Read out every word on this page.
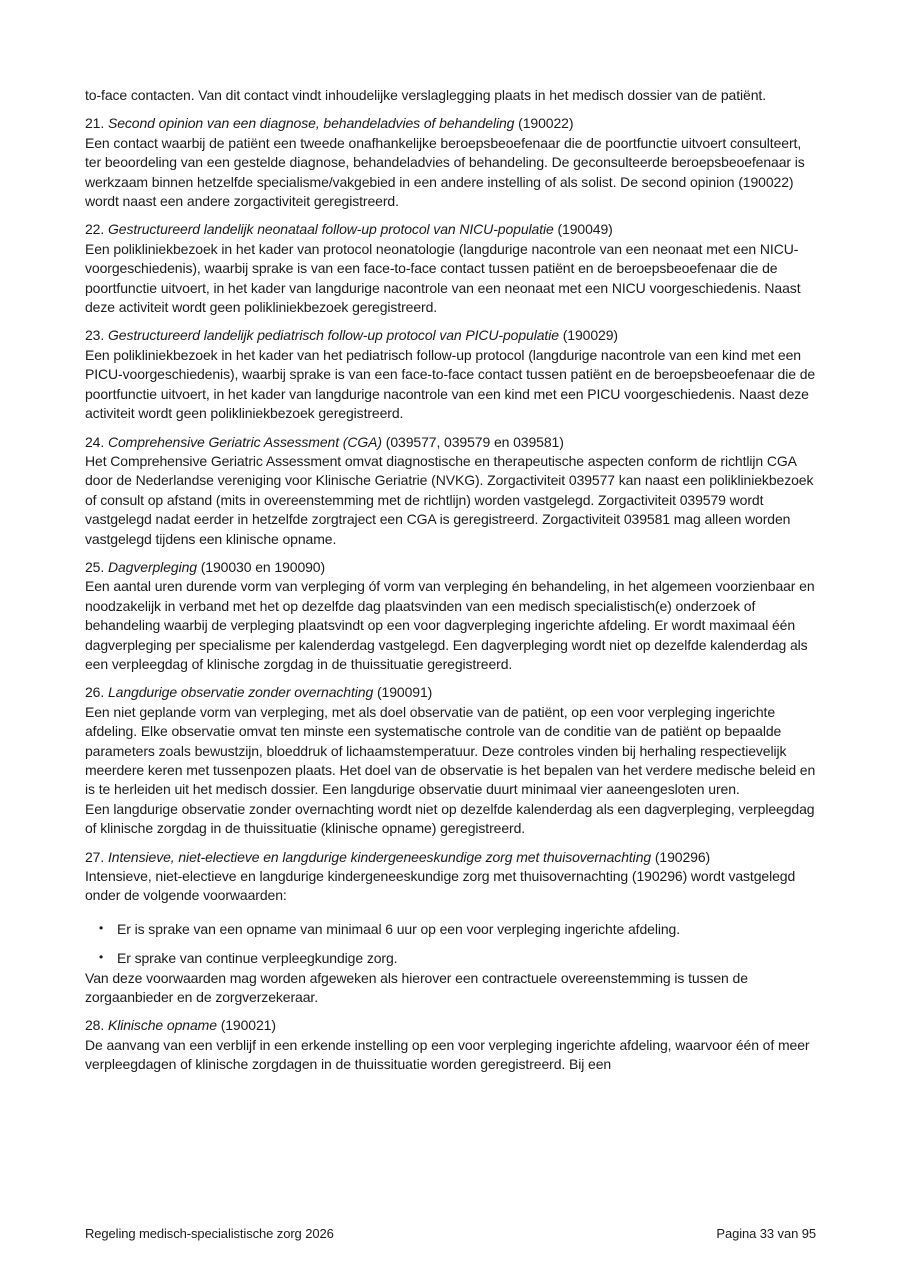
to-face contacten. Van dit contact vindt inhoudelijke verslaglegging plaats in het medisch dossier van de patiënt.

21. Second opinion van een diagnose, behandeladvies of behandeling (190022)

Een contact waarbij de patiënt een tweede onafhankelijke beroepsbeoefenaar die de poortfunctie uitvoert consulteert, ter beoordeling van een gestelde diagnose, behandeladvies of behandeling. De geconsulteerde beroepsbeoefenaar is werkzaam binnen hetzelfde specialisme/vakgebied in een andere instelling of als solist. De second opinion (190022) wordt naast een andere zorgactiviteit geregistreerd.

22. Gestructureerd landelijk neonataal follow-up protocol van NICU-populatie (190049)

Een polikliniekbezoek in het kader van protocol neonatologie (langdurige nacontrole van een neonaat met een NICU-voorgeschiedenis), waarbij sprake is van een face-to-face contact tussen patiënt en de beroepsbeoefenaar die de poortfunctie uitvoert, in het kader van langdurige nacontrole van een neonaat met een NICU voorgeschiedenis. Naast deze activiteit wordt geen polikliniekbezoek geregistreerd.

23. Gestructureerd landelijk pediatrisch follow-up protocol van PICU-populatie (190029)

Een polikliniekbezoek in het kader van het pediatrisch follow-up protocol (langdurige nacontrole van een kind met een PICU-voorgeschiedenis), waarbij sprake is van een face-to-face contact tussen patiënt en de beroepsbeoefenaar die de poortfunctie uitvoert, in het kader van langdurige nacontrole van een kind met een PICU voorgeschiedenis. Naast deze activiteit wordt geen polikliniekbezoek geregistreerd.

24. Comprehensive Geriatric Assessment (CGA) (039577, 039579 en 039581)

Het Comprehensive Geriatric Assessment omvat diagnostische en therapeutische aspecten conform de richtlijn CGA door de Nederlandse vereniging voor Klinische Geriatrie (NVKG). Zorgactiviteit 039577 kan naast een polikliniekbezoek of consult op afstand (mits in overeenstemming met de richtlijn) worden vastgelegd. Zorgactiviteit 039579 wordt vastgelegd nadat eerder in hetzelfde zorgtraject een CGA is geregistreerd. Zorgactiviteit 039581 mag alleen worden vastgelegd tijdens een klinische opname.

25. Dagverpleging (190030 en 190090)

Een aantal uren durende vorm van verpleging óf vorm van verpleging én behandeling, in het algemeen voorzienbaar en noodzakelijk in verband met het op dezelfde dag plaatsvinden van een medisch specialistisch(e) onderzoek of behandeling waarbij de verpleging plaatsvindt op een voor dagverpleging ingerichte afdeling. Er wordt maximaal één dagverpleging per specialisme per kalenderdag vastgelegd. Een dagverpleging wordt niet op dezelfde kalenderdag als een verpleegdag of klinische zorgdag in de thuissituatie geregistreerd.

26. Langdurige observatie zonder overnachting (190091)

Een niet geplande vorm van verpleging, met als doel observatie van de patiënt, op een voor verpleging ingerichte afdeling. Elke observatie omvat ten minste een systematische controle van de conditie van de patiënt op bepaalde parameters zoals bewustzijn, bloeddruk of lichaamstemperatuur. Deze controles vinden bij herhaling respectievelijk meerdere keren met tussenpozen plaats. Het doel van de observatie is het bepalen van het verdere medische beleid en is te herleiden uit het medisch dossier. Een langdurige observatie duurt minimaal vier aaneengesloten uren.

Een langdurige observatie zonder overnachting wordt niet op dezelfde kalenderdag als een dagverpleging, verpleegdag of klinische zorgdag in de thuissituatie (klinische opname) geregistreerd.

27. Intensieve, niet-electieve en langdurige kindergeneeskundige zorg met thuisovernachting (190296)

Intensieve, niet-electieve en langdurige kindergeneeskundige zorg met thuisovernachting (190296) wordt vastgelegd onder de volgende voorwaarden:

• Er is sprake van een opname van minimaal 6 uur op een voor verpleging ingerichte afdeling.
• Er sprake van continue verpleegkundige zorg.

Van deze voorwaarden mag worden afgeweken als hierover een contractuele overeenstemming is tussen de zorgaanbieder en de zorgverzekeraar.

28. Klinische opname (190021)

De aanvang van een verblijf in een erkende instelling op een voor verpleging ingerichte afdeling, waarvoor één of meer verpleegdagen of klinische zorgdagen in de thuissituatie worden geregistreerd. Bij een

Regeling medisch-specialistische zorg 2026	Pagina 33 van 95
